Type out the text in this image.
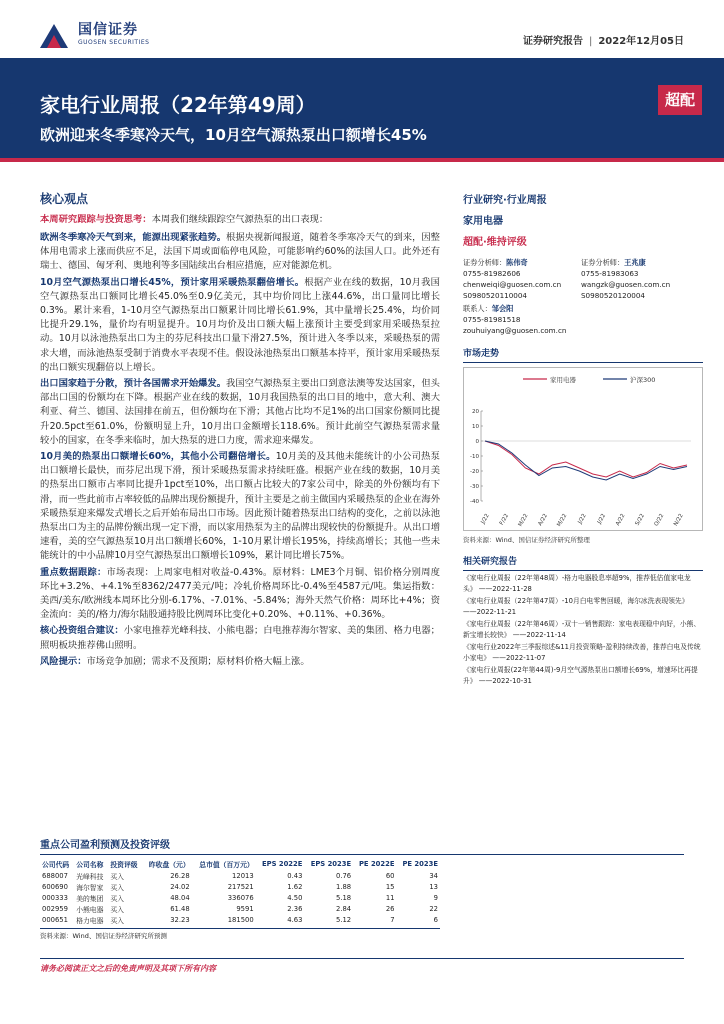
国信证券
GUOSEN SECURITIES	证券研究报告 | 2022年12月05日
家电行业周报（22年第49周）
欧洲迎来冬季寒冷天气，10月空气源热泵出口额增长45%
超配
核心观点
本周研究跟踪与投资思考：本周我们继续跟踪空气源热泵的出口表现：
欧洲冬季寒冷天气到来，能源出现紧张趋势。根据央视新闻报道，随着冬季寒冷天气的到来，因整体用电需求上涨而供应不足，法国下周或面临停电风险，可能影响约60%的法国人口。此外还有瑞士、德国、匈牙利、奥地利等多国陆续出台相应措施，应对能源危机。
10月空气源热泵出口增长45%，预计家用采暖热泵翻倍增长。根据产业在线的数据，10月我国空气源热泵出口额同比增长45.0%至0.9亿美元，其中均价同比上涨44.6%，出口量同比增长0.3%。累计来看，1-10月空气源热泵出口额累计同比增长61.9%，其中量增长25.4%，均价同比提升29.1%，量价均有明显提升。10月均价及出口额大幅上涨预计主要受到家用采暖热泵拉动。10月以泳池热泵出口为主的芬尼科技出口量下滑27.5%，预计进入冬季以来，采暖热泵的需求大增，而泳池热泵受制于消费水平表现不佳。假设泳池热泵出口额基本持平，预计家用采暖热泵的出口额实现翻倍以上增长。
出口国家趋于分散，预计各国需求开始爆发。我国空气源热泵主要出口到意法澳等发达国家，但头部出口国的份额均在下降。根据产业在线的数据，10月我国热泵的出口目的地中，意大利、澳大利亚、荷兰、德国、法国排在前五，但份额均在下滑；其他占比均不足1%的出口国家份额同比提升20.5pct至61.0%，份额明显上升，10月出口金额增长118.6%。预计此前空气源热泵需求量较小的国家，在冬季来临时，加大热泵的进口力度，需求迎来爆发。
10月美的热泵出口额增长60%，其他小公司翻倍增长。10月美的及其他未能统计的小公司热泵出口额增长最快，而芬尼出现下滑，预计采暖热泵需求持续旺盛。根据产业在线的数据，10月美的热泵出口额市占率同比提升1pct至10%，出口额占比较大的7家公司中，除美的外份额均有下滑，而一些此前市占率较低的品牌出现份额提升，预计主要是之前主做国内采暖热泵的企业在海外采暖热泵迎来爆发式增长之后开始布局出口市场。因此预计随着热泵出口结构的变化，之前以泳池热泵出口为主的品牌份额出现一定下滑，而以家用热泵为主的品牌出现较快的份额提升。从出口增速看，美的空气源热泵10月出口额增长60%，1-10月累计增长195%，持续高增长；其他一些未能统计的中小品牌10月空气源热泵出口额增长109%，累计同比增长75%。
重点数据跟踪：市场表现：上周家电相对收益-0.43%。原材料：LME3个月铜、铝价格分别周度环比+3.2%、+4.1%至8362/2477美元/吨；冷轧价格周环比-0.4%至4587元/吨。集运指数：美西/美东/欧洲线本周环比分别-6.17%、-7.01%、-5.84%；海外天然气价格：周环比+4%；资金流向：美的/格力/海尔陆股通持股比例周环比变化+0.20%、+0.11%、+0.36%。
核心投资组合建议：小家电推荐光峰科技、小熊电器；白电推荐海尔智家、美的集团、格力电器；照明板块推荐佛山照明。
风险提示：市场竞争加剧；需求不及预期；原材料价格大幅上涨。
行业研究·行业周报
家用电器
超配·维持评级
证券分析师：陈伟奇	证券分析师：王兆康
0755-81982606	0755-81983063
chenweiqi@guosen.com.cn	wangzk@guosen.com.cn
S0980520110004	S0980520120004
联系人：邹会阳
0755-81981518
zouhuiyang@guosen.com.cn
市场走势
家用电器	沪深300
20
10
0
-10
-20
-30
-40
J/22 F/22 M/22 A/22 M/22 J/22 J/22 A/22 S/22 O/22 N/22
资料来源：Wind、国信证券经济研究所整理
相关研究报告
《家电行业周报（22年第48周）-格力电器股息率超9%，推荐低估值家电龙头》 ——2022-11-28
《家电行业周报（22年第47周）-10月白电零售回暖，海尔冰洗表现领先》 ——2022-11-21
《家电行业周报（22年第46周）-双十一销售跟踪：家电表现稳中向好，小熊、新宝增长较快》 ——2022-11-14
《家电行业2022年三季报综述&11月投资策略-盈利持续改善，推荐白电及传统小家电》 ——2022-11-07
《家电行业周报(22年第44周)-9月空气源热泵出口额增长69%，增速环比再提升》 ——2022-10-31
重点公司盈利预测及投资评级
公司代码	公司名称	投资评级	昨收盘（元）	总市值（百万元）	EPS 2022E	EPS 2023E	PE 2022E	PE 2023E
688007	光峰科技	买入	26.28	12013	0.43	0.76	60	34
600690	海尔智家	买入	24.02	217521	1.62	1.88	15	13
000333	美的集团	买入	48.04	336076	4.50	5.18	11	9
002959	小熊电器	买入	61.48	9591	2.36	2.84	26	22
000651	格力电器	买入	32.23	181500	4.63	5.12	7	6
资料来源：Wind、国信证券经济研究所预测
请务必阅读正文之后的免责声明及其项下所有内容
